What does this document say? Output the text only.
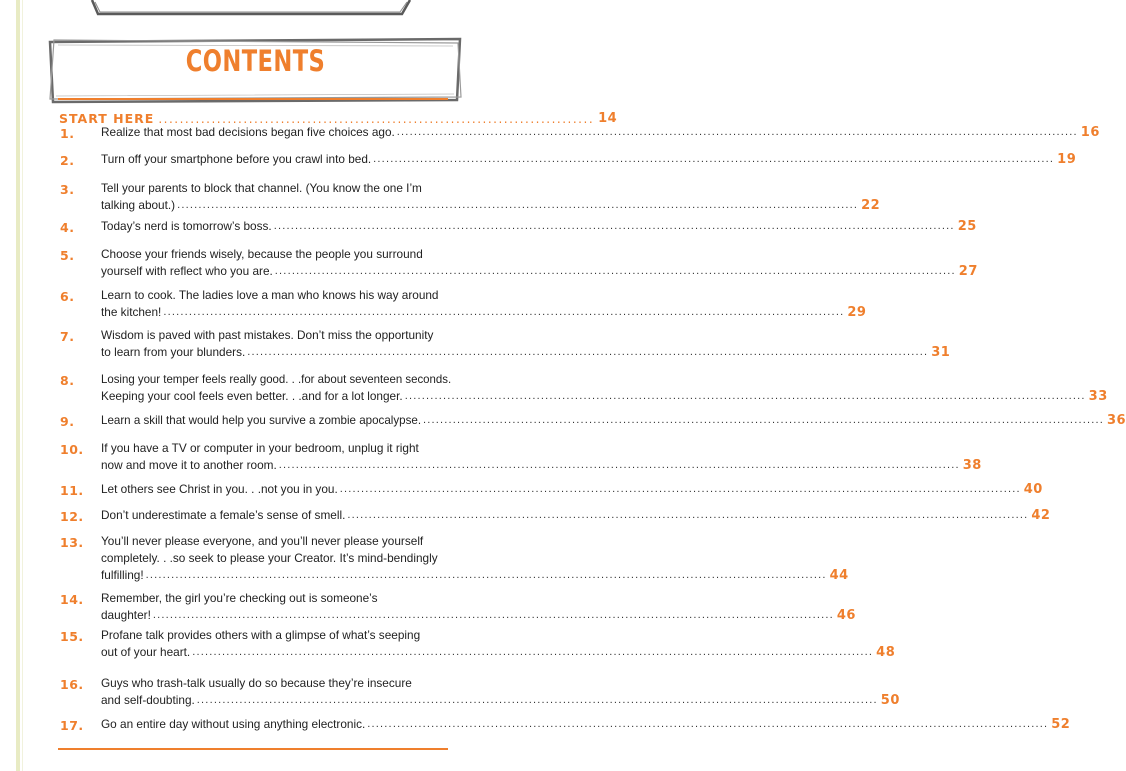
CONTENTS
START HERE .................................................................................. 14
1. Realize that most bad decisions began five choices ago. ................................................................................................................................................................ 16
2. Turn off your smartphone before you crawl into bed. ................................................................................................................................................................ 19
3. Tell your parents to block that channel. (You know the one I’m
talking about.) ................................................................................................................................................................ 22
4. Today’s nerd is tomorrow’s boss. ................................................................................................................................................................ 25
5. Choose your friends wisely, because the people you surround
yourself with reflect who you are. ................................................................................................................................................................ 27
6. Learn to cook. The ladies love a man who knows his way around
the kitchen! ................................................................................................................................................................ 29
7. Wisdom is paved with past mistakes. Don’t miss the opportunity
to learn from your blunders. ................................................................................................................................................................ 31
8. Losing your temper feels really good. . .for about seventeen seconds.
Keeping your cool feels even better. . .and for a lot longer. ................................................................................................................................................................ 33
9. Learn a skill that would help you survive a zombie apocalypse. ................................................................................................................................................................ 36
10. If you have a TV or computer in your bedroom, unplug it right
now and move it to another room. ................................................................................................................................................................ 38
11. Let others see Christ in you. . .not you in you. ................................................................................................................................................................ 40
12. Don’t underestimate a female’s sense of smell. ................................................................................................................................................................ 42
13. You’ll never please everyone, and you’ll never please yourself
completely. . .so seek to please your Creator. It’s mind-bendingly
fulfilling! ................................................................................................................................................................ 44
14. Remember, the girl you’re checking out is someone’s
daughter! ................................................................................................................................................................ 46
15. Profane talk provides others with a glimpse of what’s seeping
out of your heart. ................................................................................................................................................................ 48
16. Guys who trash-talk usually do so because they’re insecure
and self-doubting. ................................................................................................................................................................ 50
17. Go an entire day without using anything electronic. ................................................................................................................................................................ 52
